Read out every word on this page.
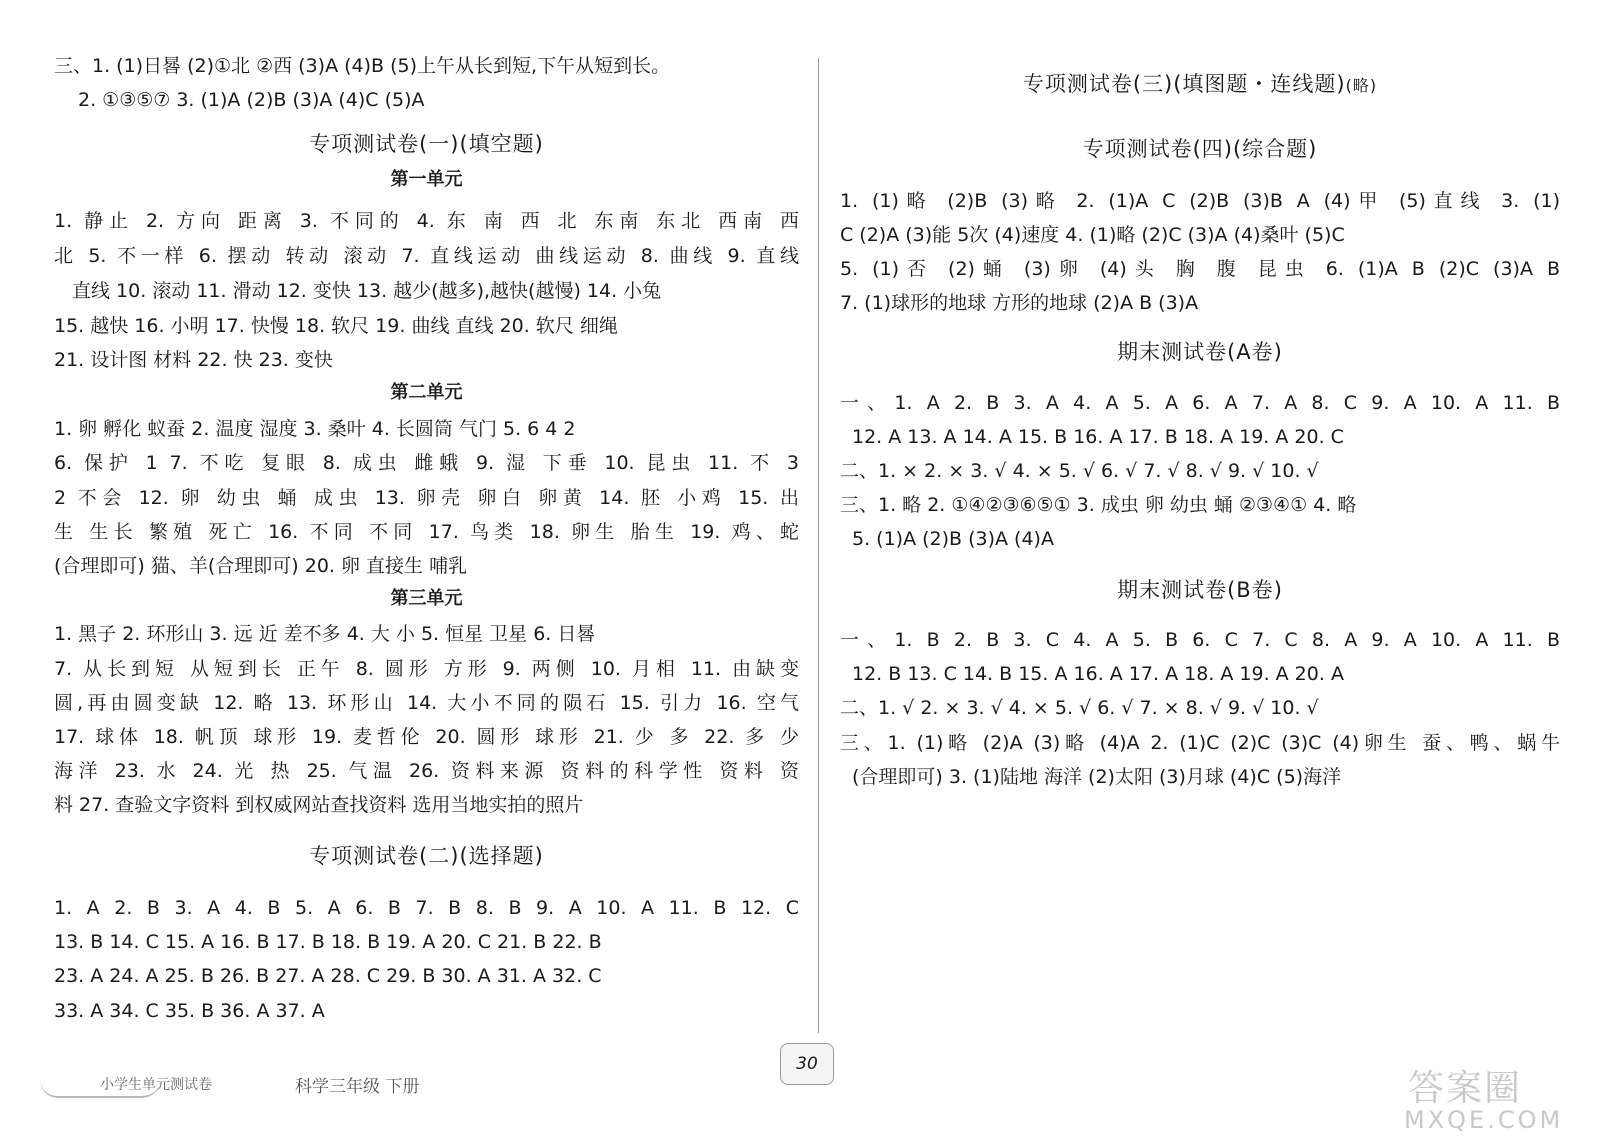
三、1. (1)日晷 (2)①北 ②西 (3)A (4)B (5)上午从长到短,下午从短到长。
2. ①③⑤⑦ 3. (1)A (2)B (3)A (4)C (5)A
专项测试卷(一)(填空题)
第一单元
1. 静止 2. 方向 距离 3. 不同的 4. 东 南 西 北 东南 东北 西南 西
北 5. 不一样 6. 摆动 转动 滚动 7. 直线运动 曲线运动 8. 曲线 9. 直线
直线 10. 滚动 11. 滑动 12. 变快 13. 越少(越多),越快(越慢) 14. 小兔
15. 越快 16. 小明 17. 快慢 18. 软尺 19. 曲线 直线 20. 软尺 细绳
21. 设计图 材料 22. 快 23. 变快
第二单元
1. 卵 孵化 蚁蚕 2. 温度 湿度 3. 桑叶 4. 长圆筒 气门 5. 6 4 2
6. 保护 1 7. 不吃 复眼 8. 成虫 雌蛾 9. 湿 下垂 10. 昆虫 11. 不 3
2 不会 12. 卵 幼虫 蛹 成虫 13. 卵壳 卵白 卵黄 14. 胚 小鸡 15. 出
生 生长 繁殖 死亡 16. 不同 不同 17. 鸟类 18. 卵生 胎生 19. 鸡、蛇
(合理即可) 猫、羊(合理即可) 20. 卵 直接生 哺乳
第三单元
1. 黑子 2. 环形山 3. 远 近 差不多 4. 大 小 5. 恒星 卫星 6. 日晷
7. 从长到短 从短到长 正午 8. 圆形 方形 9. 两侧 10. 月相 11. 由缺变
圆,再由圆变缺 12. 略 13. 环形山 14. 大小不同的陨石 15. 引力 16. 空气
17. 球体 18. 帆顶 球形 19. 麦哲伦 20. 圆形 球形 21. 少 多 22. 多 少
海洋 23. 水 24. 光 热 25. 气温 26. 资料来源 资料的科学性 资料 资
料 27. 查验文字资料 到权威网站查找资料 选用当地实拍的照片
专项测试卷(二)(选择题)
1. A 2. B 3. A 4. B 5. A 6. B 7. B 8. B 9. A 10. A 11. B 12. C
13. B 14. C 15. A 16. B 17. B 18. B 19. A 20. C 21. B 22. B
23. A 24. A 25. B 26. B 27. A 28. C 29. B 30. A 31. A 32. C
33. A 34. C 35. B 36. A 37. A
专项测试卷(三)(填图题・连线题)(略)
专项测试卷(四)(综合题)
1. (1)略 (2)B (3)略 2. (1)A C (2)B (3)B A (4)甲 (5)直线 3. (1)
C (2)A (3)能 5次 (4)速度 4. (1)略 (2)C (3)A (4)桑叶 (5)C
5. (1)否 (2)蛹 (3)卵 (4)头 胸 腹 昆虫 6. (1)A B (2)C (3)A B
7. (1)球形的地球 方形的地球 (2)A B (3)A
期末测试卷(A卷)
一、1. A 2. B 3. A 4. A 5. A 6. A 7. A 8. C 9. A 10. A 11. B
12. A 13. A 14. A 15. B 16. A 17. B 18. A 19. A 20. C
二、1. × 2. × 3. √ 4. × 5. √ 6. √ 7. √ 8. √ 9. √ 10. √
三、1. 略 2. ①④②③⑥⑤① 3. 成虫 卵 幼虫 蛹 ②③④① 4. 略
5. (1)A (2)B (3)A (4)A
期末测试卷(B卷)
一、1. B 2. B 3. C 4. A 5. B 6. C 7. C 8. A 9. A 10. A 11. B
12. B 13. C 14. B 15. A 16. A 17. A 18. A 19. A 20. A
二、1. √ 2. × 3. √ 4. × 5. √ 6. √ 7. × 8. √ 9. √ 10. √
三、1. (1)略 (2)A (3)略 (4)A 2. (1)C (2)C (3)C (4)卵生 蚕、鸭、蜗牛
(合理即可) 3. (1)陆地 海洋 (2)太阳 (3)月球 (4)C (5)海洋
小学生单元测试卷	科学三年级 下册
30
答案圈
MXQE.COM
